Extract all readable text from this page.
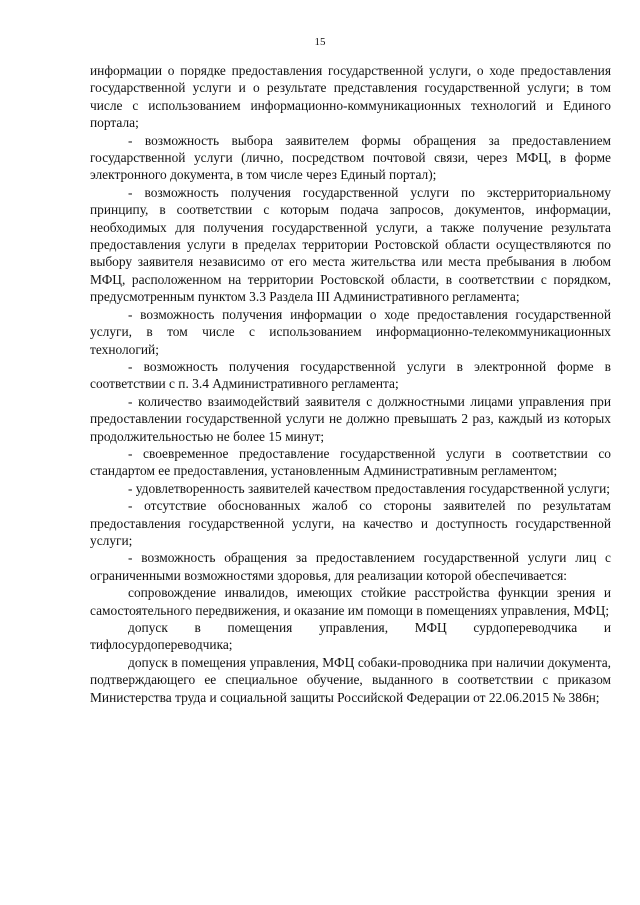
15

информации о порядке предоставления государственной услуги, о ходе предоставления государственной услуги и о результате представления государственной услуги; в том числе с использованием информационно-коммуникационных технологий и Единого портала;

- возможность выбора заявителем формы обращения за предоставлением государственной услуги (лично, посредством почтовой связи, через МФЦ, в форме электронного документа, в том числе через Единый портал);

- возможность получения государственной услуги по экстерриториальному принципу, в соответствии с которым подача запросов, документов, информации, необходимых для получения государственной услуги, а также получение результата предоставления услуги в пределах территории Ростовской области осуществляются по выбору заявителя независимо от его места жительства или места пребывания в любом МФЦ, расположенном на территории Ростовской области, в соответствии с порядком, предусмотренным пунктом 3.3 Раздела III Административного регламента;

- возможность получения информации о ходе предоставления государственной услуги, в том числе с использованием информационно-телекоммуникационных технологий;

- возможность получения государственной услуги в электронной форме в соответствии с п. 3.4 Административного регламента;

- количество взаимодействий заявителя с должностными лицами управления при предоставлении государственной услуги не должно превышать 2 раз, каждый из которых продолжительностью не более 15 минут;

- своевременное предоставление государственной услуги в соответствии со стандартом ее предоставления, установленным Административным регламентом;

- удовлетворенность заявителей качеством предоставления государственной услуги;

- отсутствие обоснованных жалоб со стороны заявителей по результатам предоставления государственной услуги, на качество и доступность государственной услуги;

- возможность обращения за предоставлением государственной услуги лиц с ограниченными возможностями здоровья, для реализации которой обеспечивается:

сопровождение инвалидов, имеющих стойкие расстройства функции зрения и самостоятельного передвижения, и оказание им помощи в помещениях управления, МФЦ;

допуск в помещения управления, МФЦ сурдопереводчика и тифлосурдопереводчика;

допуск в помещения управления, МФЦ собаки-проводника при наличии документа, подтверждающего ее специальное обучение, выданного в соответствии с приказом Министерства труда и социальной защиты Российской Федерации от 22.06.2015 № 386н;
